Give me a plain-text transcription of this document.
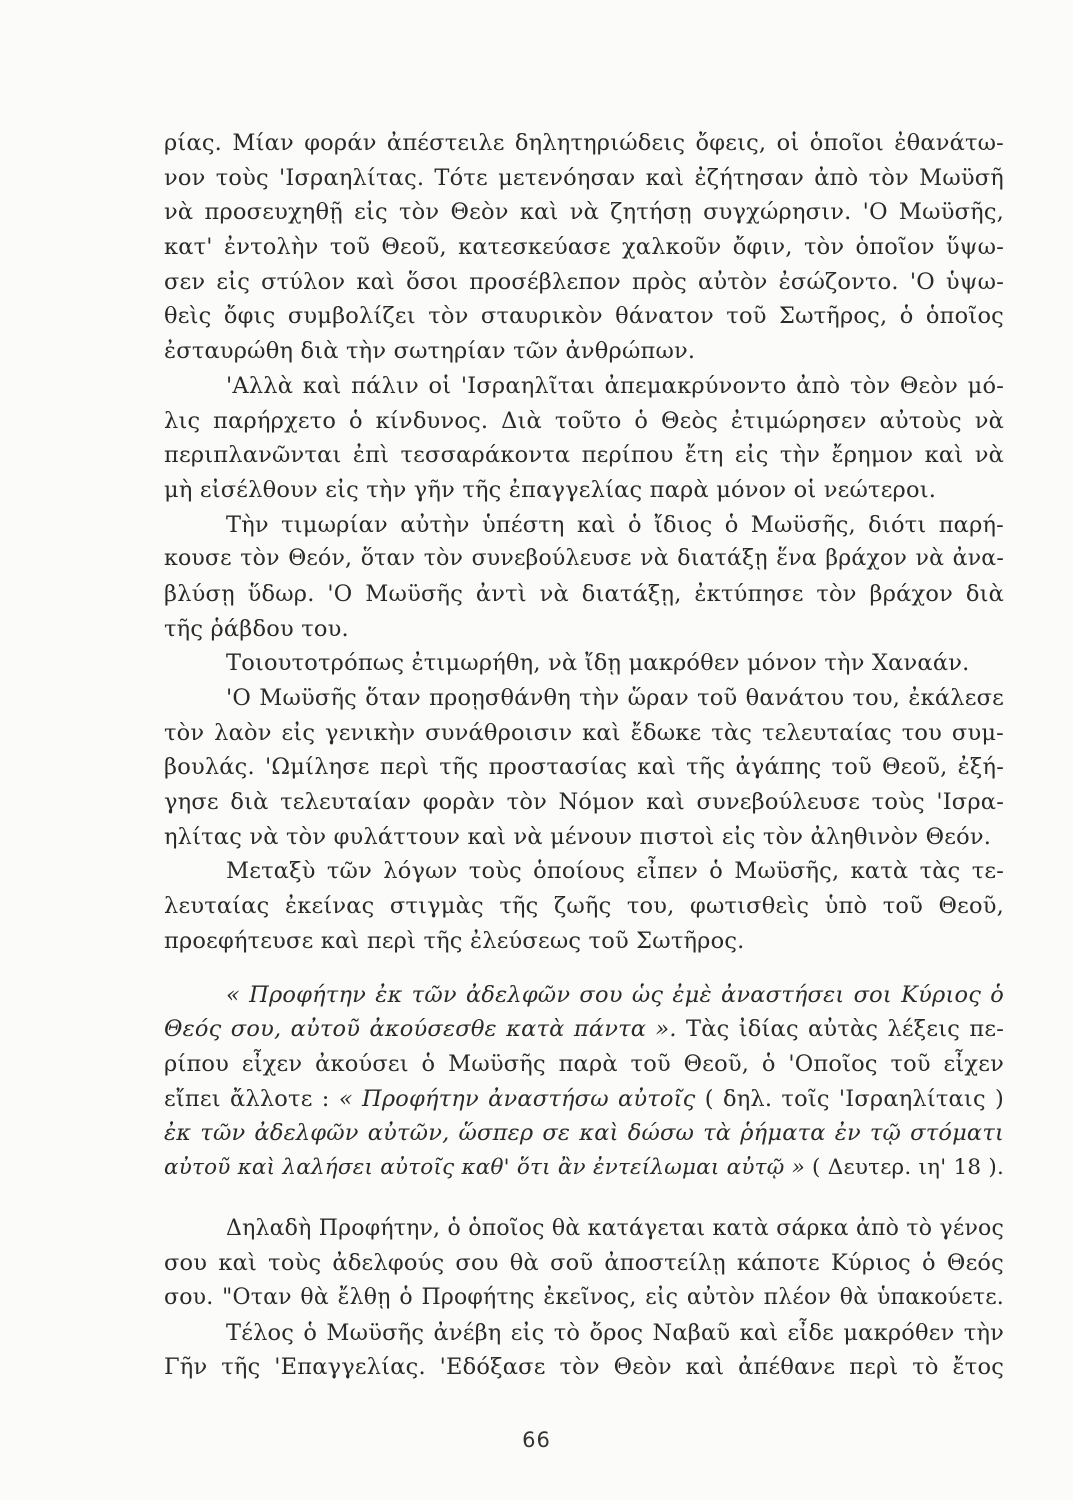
ρίας. Μίαν φοράν ἀπέστειλε δηλητηριώδεις ὄφεις, οἱ ὁποῖοι ἐθανάτω-
νον τοὺς 'Ισραηλίτας. Τότε μετενόησαν καὶ ἐζήτησαν ἀπὸ τὸν Μωϋσῆ
νὰ προσευχηθῇ εἰς τὸν Θεὸν καὶ νὰ ζητήσῃ συγχώρησιν. 'Ο Μωϋσῆς,
κατ' ἐντολὴν τοῦ Θεοῦ, κατεσκεύασε χαλκοῦν ὄφιν, τὸν ὁποῖον ὕψω-
σεν εἰς στύλον καὶ ὅσοι προσέβλεπον πρὸς αὐτὸν ἐσώζοντο. 'Ο ὑψω-
θεὶς ὄφις συμβολίζει τὸν σταυρικὸν θάνατον τοῦ Σωτῆρος, ὁ ὁποῖος
ἐσταυρώθη διὰ τὴν σωτηρίαν τῶν ἀνθρώπων.
'Αλλὰ καὶ πάλιν οἱ 'Ισραηλῖται ἀπεμακρύνοντο ἀπὸ τὸν Θεὸν μό-
λις παρήρχετο ὁ κίνδυνος. Διὰ τοῦτο ὁ Θεὸς ἐτιμώρησεν αὐτοὺς νὰ
περιπλανῶνται ἐπὶ τεσσαράκοντα περίπου ἔτη εἰς τὴν ἔρημον καὶ νὰ
μὴ εἰσέλθουν εἰς τὴν γῆν τῆς ἐπαγγελίας παρὰ μόνον οἱ νεώτεροι.
Τὴν τιμωρίαν αὐτὴν ὑπέστη καὶ ὁ ἴδιος ὁ Μωϋσῆς, διότι παρή-
κουσε τὸν Θεόν, ὅταν τὸν συνεβούλευσε νὰ διατάξῃ ἕνα βράχον νὰ ἀνα-
βλύσῃ ὕδωρ. 'Ο Μωϋσῆς ἀντὶ νὰ διατάξῃ, ἐκτύπησε τὸν βράχον διὰ
τῆς ῥάβδου του.
Τοιουτοτρόπως ἐτιμωρήθη, νὰ ἴδῃ μακρόθεν μόνον τὴν Χαναάν.
'Ο Μωϋσῆς ὅταν προῃσθάνθη τὴν ὥραν τοῦ θανάτου του, ἐκάλεσε
τὸν λαὸν εἰς γενικὴν συνάθροισιν καὶ ἔδωκε τὰς τελευταίας του συμ-
βουλάς. 'Ωμίλησε περὶ τῆς προστασίας καὶ τῆς ἀγάπης τοῦ Θεοῦ, ἐξή-
γησε διὰ τελευταίαν φορὰν τὸν Νόμον καὶ συνεβούλευσε τοὺς 'Ισρα-
ηλίτας νὰ τὸν φυλάττουν καὶ νὰ μένουν πιστοὶ εἰς τὸν ἀληθινὸν Θεόν.
Μεταξὺ τῶν λόγων τοὺς ὁποίους εἶπεν ὁ Μωϋσῆς, κατὰ τὰς τε-
λευταίας ἐκείνας στιγμὰς τῆς ζωῆς του, φωτισθεὶς ὑπὸ τοῦ Θεοῦ,
προεφήτευσε καὶ περὶ τῆς ἐλεύσεως τοῦ Σωτῆρος.
« Προφήτην ἐκ τῶν ἀδελφῶν σου ὡς ἐμὲ ἀναστήσει σοι Κύριος ὁ
Θεός σου, αὐτοῦ ἀκούσεσθε κατὰ πάντα ». Τὰς ἰδίας αὐτὰς λέξεις πε-
ρίπου εἶχεν ἀκούσει ὁ Μωϋσῆς παρὰ τοῦ Θεοῦ, ὁ 'Οποῖος τοῦ εἶχεν
εἴπει ἄλλοτε : « Προφήτην ἀναστήσω αὐτοῖς ( δηλ. τοῖς 'Ισραηλίταις )
ἐκ τῶν ἀδελφῶν αὐτῶν, ὥσπερ σε καὶ δώσω τὰ ῥήματα ἐν τῷ στόματι
αὐτοῦ καὶ λαλήσει αὐτοῖς καθ' ὅτι ἂν ἐντείλωμαι αὐτῷ » ( Δευτερ. ιη' 18 ).
Δηλαδὴ Προφήτην, ὁ ὁποῖος θὰ κατάγεται κατὰ σάρκα ἀπὸ τὸ γένος
σου καὶ τοὺς ἀδελφούς σου θὰ σοῦ ἀποστείλῃ κάποτε Κύριος ὁ Θεός
σου. "Οταν θὰ ἔλθῃ ὁ Προφήτης ἐκεῖνος, εἰς αὐτὸν πλέον θὰ ὑπακούετε.
Τέλος ὁ Μωϋσῆς ἀνέβη εἰς τὸ ὄρος Ναβαῦ καὶ εἶδε μακρόθεν τὴν
Γῆν τῆς 'Επαγγελίας. 'Εδόξασε τὸν Θεὸν καὶ ἀπέθανε περὶ τὸ ἔτος
66
